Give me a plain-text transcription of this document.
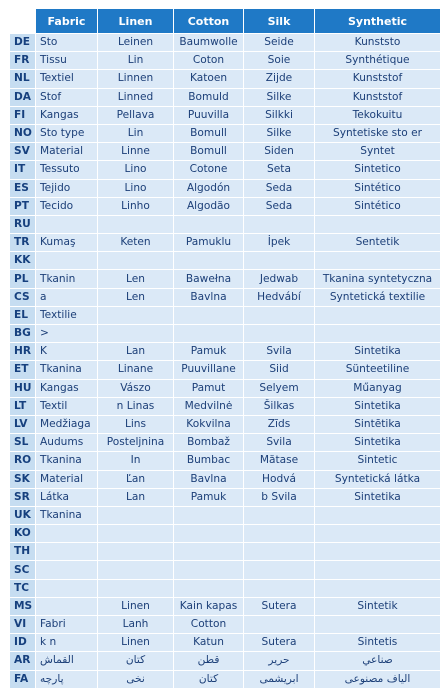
	Fabric	Linen	Cotton	Silk	Synthetic
DE	Sto	Leinen	Baumwolle	Seide	Kunststo
FR	Tissu	Lin	Coton	Soie	Synthétique
NL	Textiel	Linnen	Katoen	Zijde	Kunststof
DA	Stof	Linned	Bomuld	Silke	Kunststof
FI	Kangas	Pellava	Puuvilla	Silkki	Tekokuitu
NO	Sto type	Lin	Bomull	Silke	Syntetiske sto er
SV	Material	Linne	Bomull	Siden	Syntet
IT	Tessuto	Lino	Cotone	Seta	Sintetico
ES	Tejido	Lino	Algodón	Seda	Sintético
PT	Tecido	Linho	Algodão	Seda	Sintético
RU					
TR	Kumaş	Keten	Pamuklu	İpek	Sentetik
KK					
PL	Tkanin	Len	Bawełna	Jedwab	Tkanina syntetyczna
CS	a	Len	Bavlna	Hedvábí	Syntetická textilie
EL	Textilie				
BG	>				
HR	K	Lan	Pamuk	Svila	Sintetika
ET	Tkanina	Linane	Puuvillane	Siid	Sünteetiline
HU	Kangas	Vászo	Pamut	Selyem	Műanyag
LT	Textil	n Linas	Medvilnė	Šilkas	Sintetika
LV	Medžiaga	Lins	Kokvilna	Zīds	Sintētika
SL	Audums	Posteljnina	Bombaž	Svila	Sintetika
RO	Tkanina	In	Bumbac	Mătase	Sintetic
SK	Material	Ľan	Bavlna	Hodvá	Syntetická látka
SR	Látka	Lan	Pamuk	b Svila	Sintetika
UK	Tkanina				
KO					
TH					
SC					
TC					
MS		Linen	Kain kapas	Sutera	Sintetik
VI	Fabri	Lanh	Cotton		
ID	k n	Linen	Katun	Sutera	Sintetis
AR	القماش	كتان	قطن	حرير	صناعي
FA	پارچه	نخی	کتان	ابریشمی	الیاف مصنوعی
